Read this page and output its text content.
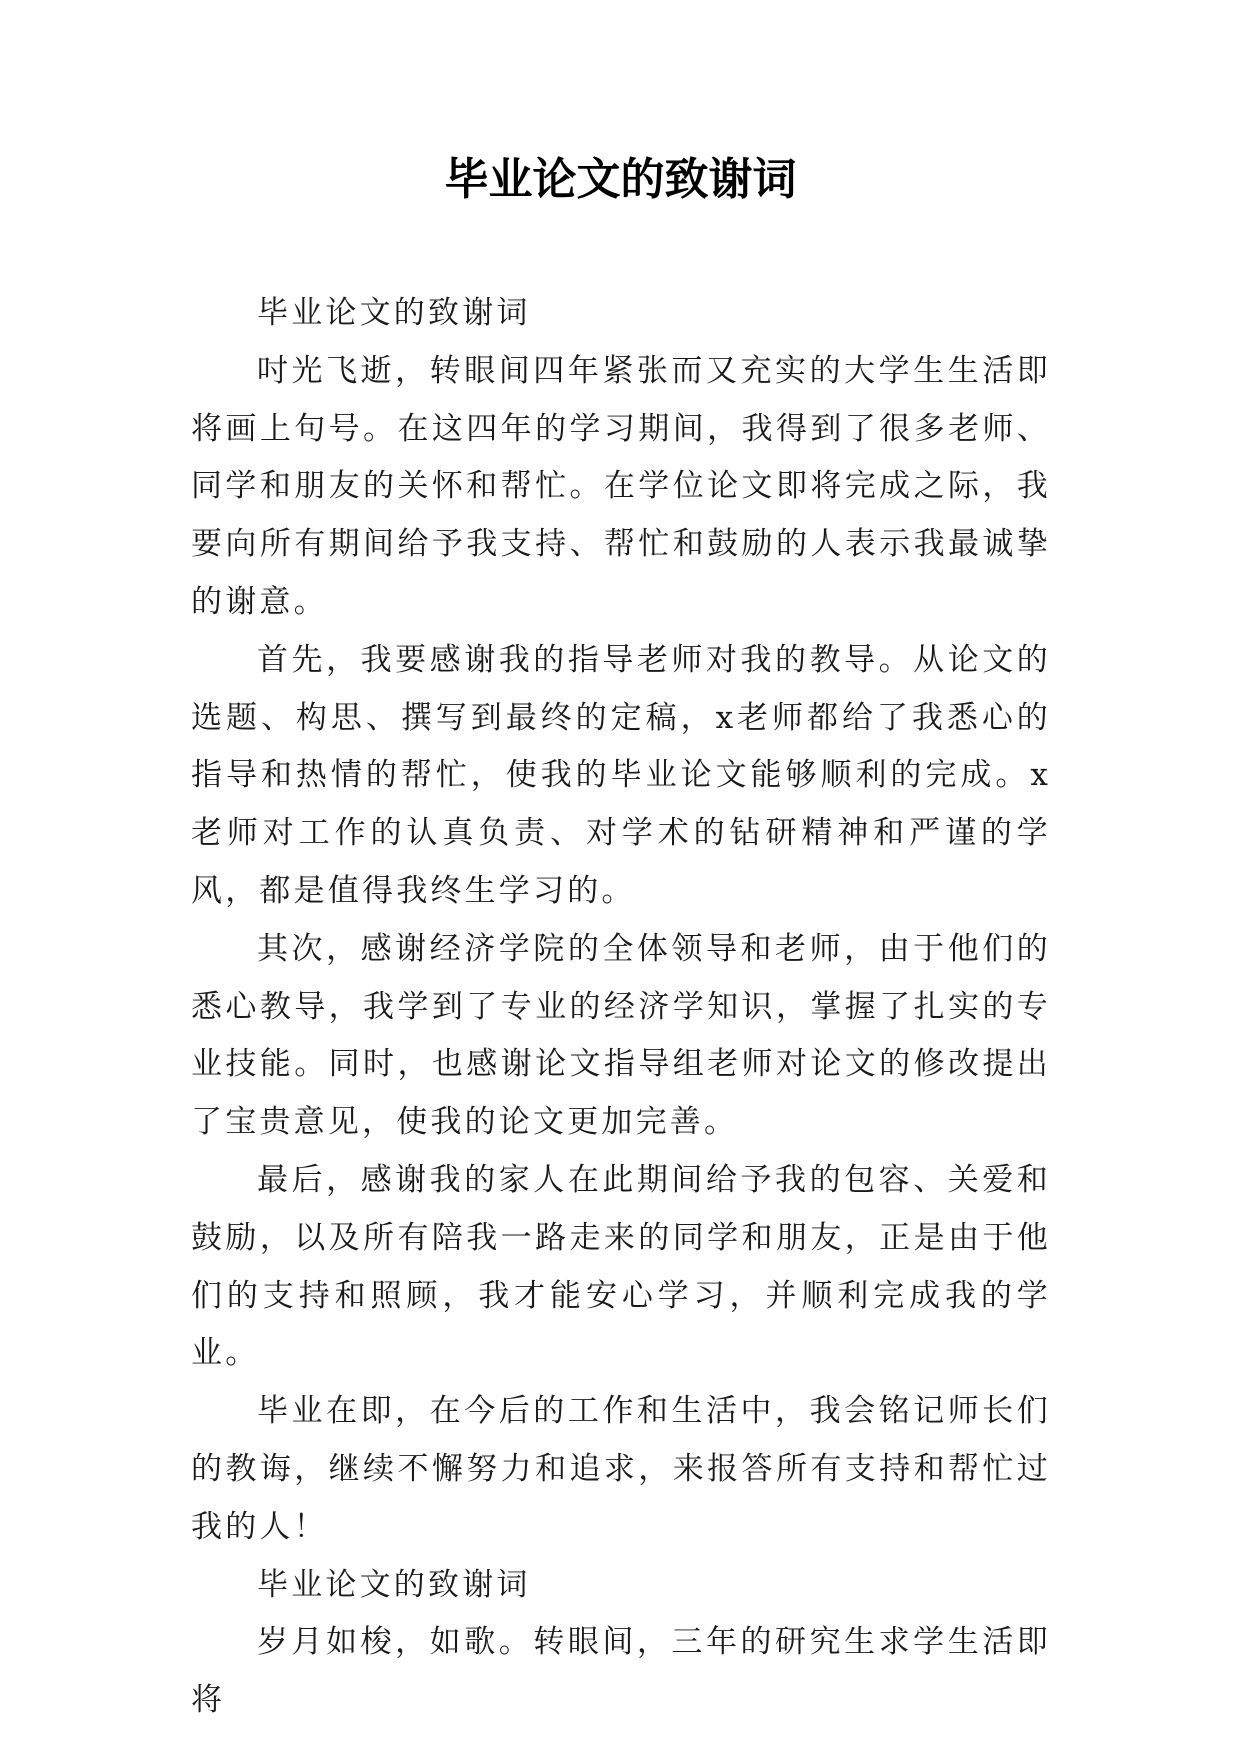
毕业论文的致谢词

毕业论文的致谢词

吋光飞逝，转眼间四年紧张而又充实的大学生生活即将画上句号。在这四年的学习期间，我得到了很多老师、同学和朋友的关怀和帮忙。在学位论文即将完成之际，我要向所有期间给予我支持、帮忙和鼓励的人表示我最诚挚的谢意。

首先，我要感谢我的指导老师对我的教导。从论文的选题、构思、撰写到最终的定稿，x老师都给了我悉心的指导和热情的帮忙，使我的毕业论文能够顺利的完成。x老师对工作的认真负责、对学术的钻研精神和严谨的学风，都是值得我终生学习的。

其次，感谢经济学院的全体领导和老师，由于他们的悉心教导，我学到了专业的经济学知识，掌握了扎实的专业技能。同时，也感谢论文指导组老师对论文的修改提出了宝贵意见，使我的论文更加完善。

最后，感谢我的家人在此期间给予我的包容、关爱和鼓励，以及所有陪我一路走来的同学和朋友，正是由于他们的支持和照顾，我才能安心学习，并顺利完成我的学业。

毕业在即，在今后的工作和生活中，我会铭记师长们的教诲，继续不懈努力和追求，来报答所有支持和帮忙过我的人！

毕业论文的致谢词

岁月如梭，如歌。转眼间，三年的研究生求学生活即将
